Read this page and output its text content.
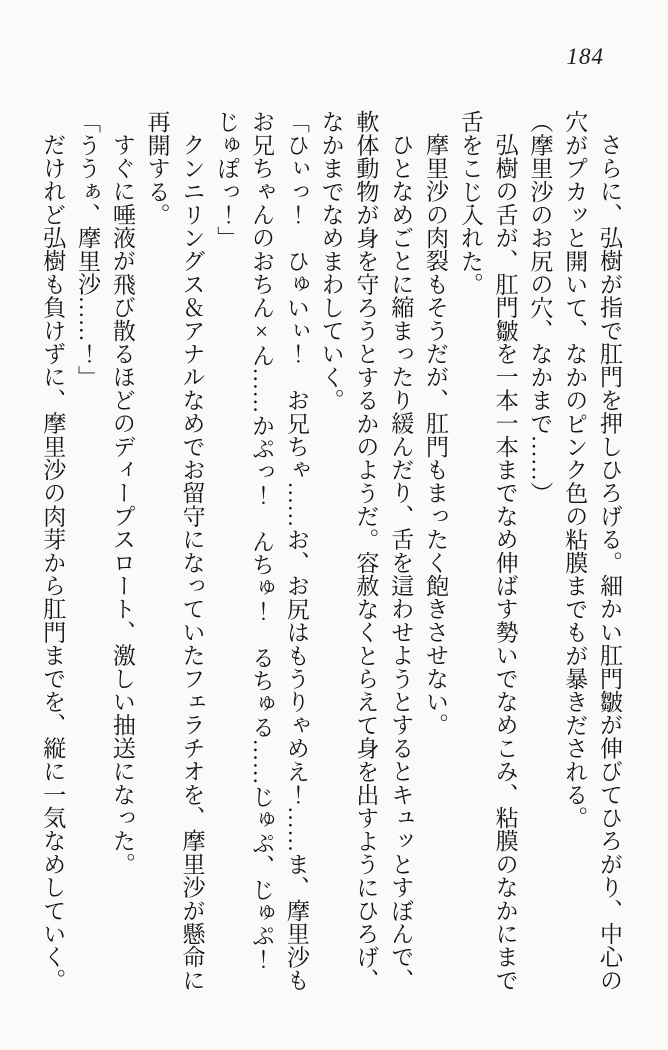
184
さらに、弘樹が指で肛門を押しひろげる。細かい肛門皺が伸びてひろがり、中心の
穴がプカッと開いて、なかのピンク色の粘膜までもが暴きだされる。
（摩里沙のお尻の穴、なかまで……）
弘樹の舌が、肛門皺を一本一本までなめ伸ばす勢いでなめこみ、粘膜のなかにまで
舌をこじ入れた。
摩里沙の肉裂もそうだが、肛門もまったく飽きさせない。
ひとなめごとに縮まったり緩んだり、舌を這わせようとするとキュッとすぼんで、
軟体動物が身を守ろうとするかのようだ。容赦なくとらえて身を出すようにひろげ、
なかまでなめまわしていく。
「ひぃっ！　ひゅいぃ！　お兄ちゃ……お、お尻はもうりゃめえ！……ま、摩里沙も
お兄ちゃんのおちん×ん……かぷっ！　んちゅ！　るちゅる……じゅぷ、じゅぷ！
じゅぽっ！」
クンニリングス＆アナルなめでお留守になっていたフェラチオを、摩里沙が懸命に
再開する。
すぐに唾液が飛び散るほどのディープスロート、激しい抽送になった。
「ううぁ、摩里沙……！」
だけれど弘樹も負けずに、摩里沙の肉芽から肛門までを、縦に一気なめしていく。
